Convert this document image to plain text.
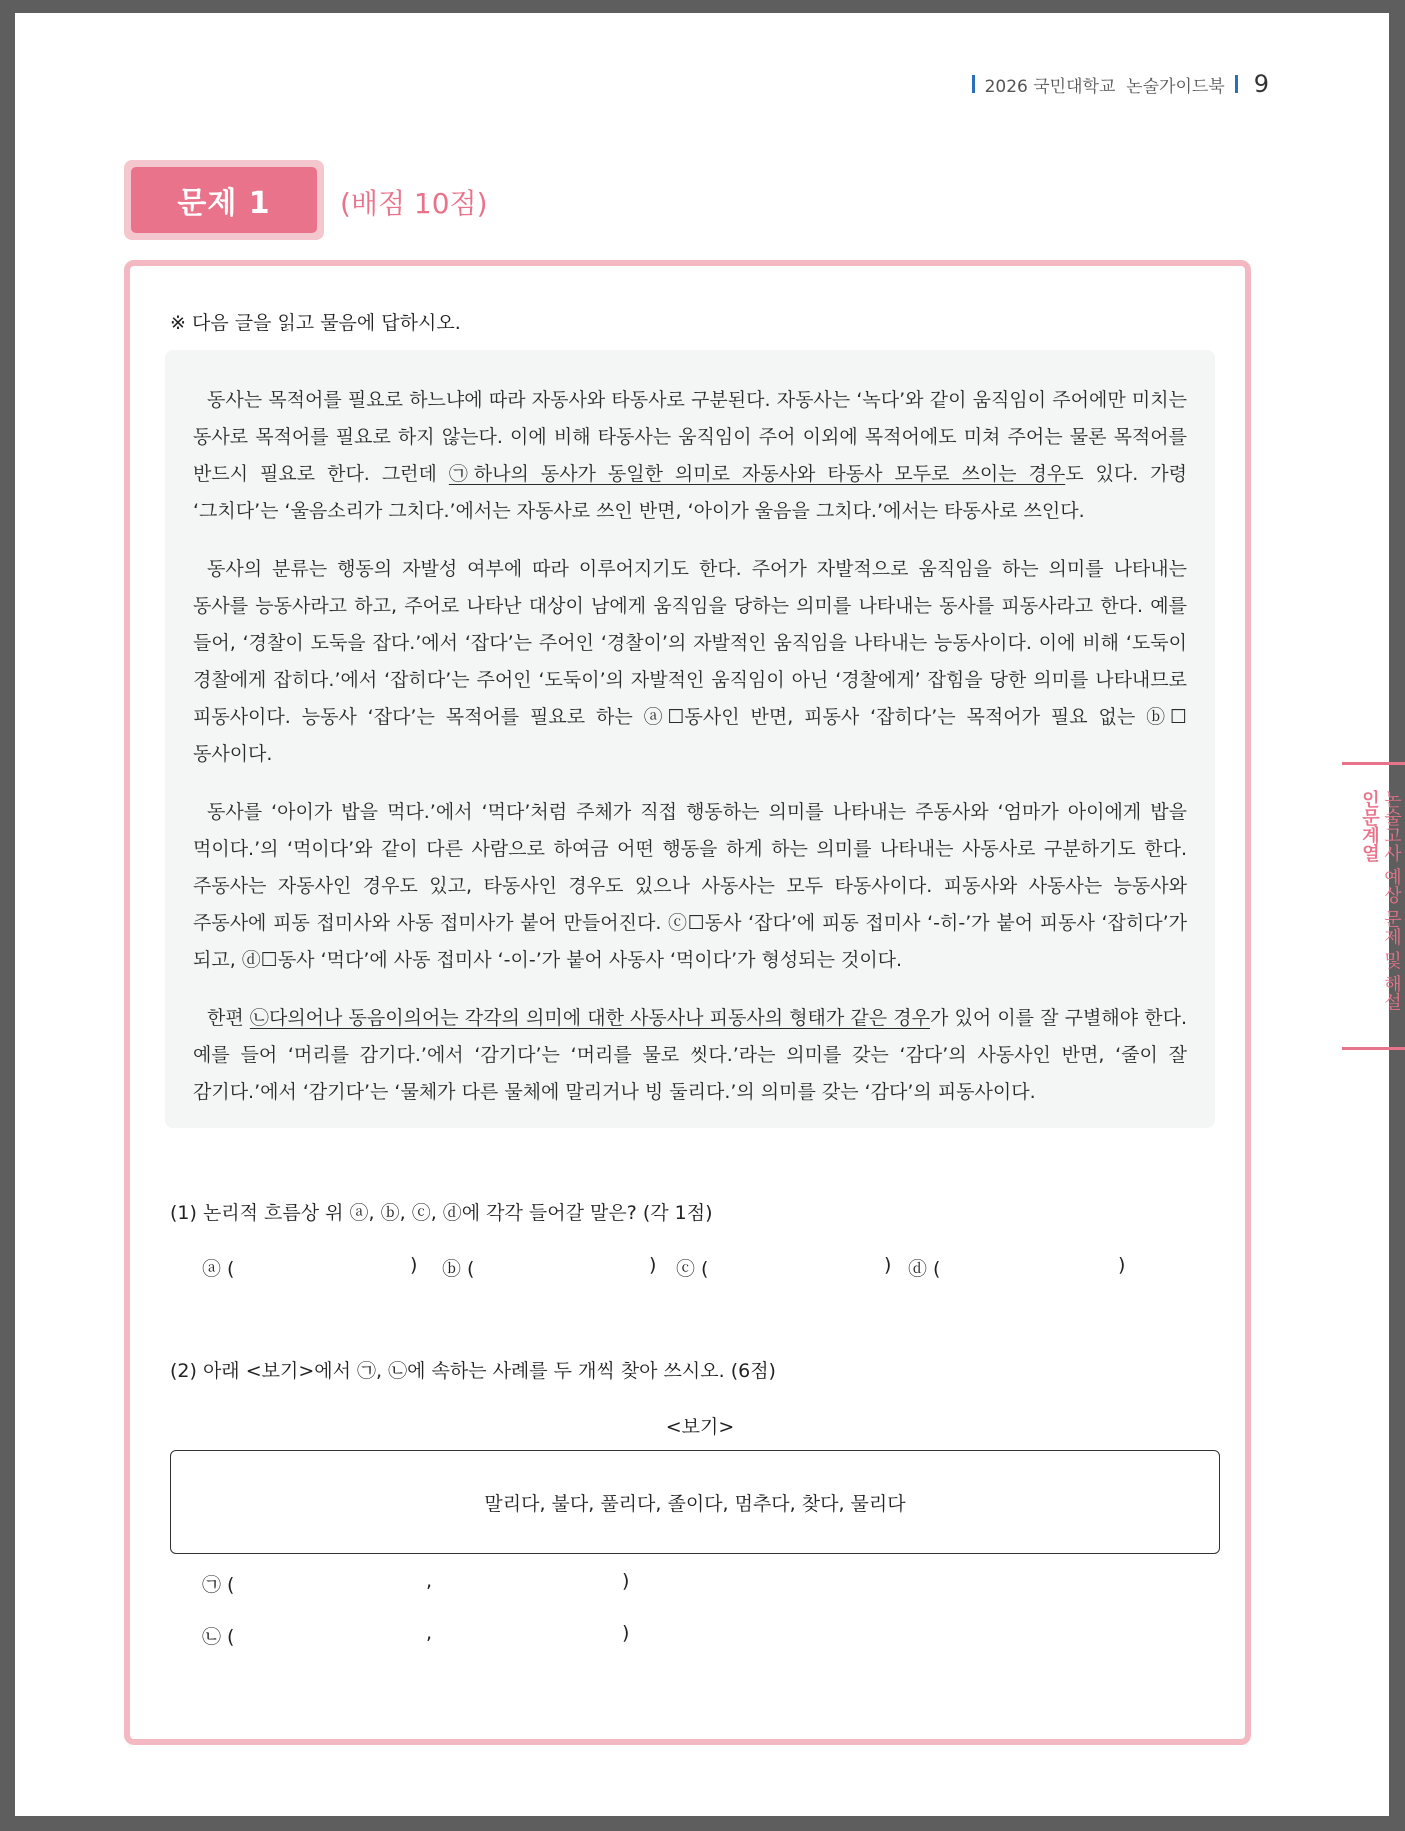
2026 국민대학교  논술가이드북 9
문제 1	(배점 10점)
※ 다음 글을 읽고 물음에 답하시오.

동사는 목적어를 필요로 하느냐에 따라 자동사와 타동사로 구분된다. 자동사는 ‘녹다’와 같이 움직임이 주어에만 미치는 동사로 목적어를 필요로 하지 않는다. 이에 비해 타동사는 움직임이 주어 이외에 목적어에도 미쳐 주어는 물론 목적어를 반드시 필요로 한다. 그런데 ㉠하나의 동사가 동일한 의미로 자동사와 타동사 모두로 쓰이는 경우도 있다. 가령 ‘그치다’는 ‘울음소리가 그치다.’에서는 자동사로 쓰인 반면, ‘아이가 울음을 그치다.’에서는 타동사로 쓰인다.

동사의 분류는 행동의 자발성 여부에 따라 이루어지기도 한다. 주어가 자발적으로 움직임을 하는 의미를 나타내는 동사를 능동사라고 하고, 주어로 나타난 대상이 남에게 움직임을 당하는 의미를 나타내는 동사를 피동사라고 한다. 예를 들어, ‘경찰이 도둑을 잡다.’에서 ‘잡다’는 주어인 ‘경찰이’의 자발적인 움직임을 나타내는 능동사이다. 이에 비해 ‘도둑이 경찰에게 잡히다.’에서 ‘잡히다’는 주어인 ‘도둑이’의 자발적인 움직임이 아닌 ‘경찰에게’ 잡힘을 당한 의미를 나타내므로 피동사이다. 능동사 ‘잡다’는 목적어를 필요로 하는 ⓐ☐동사인 반면, 피동사 ‘잡히다’는 목적어가 필요 없는 ⓑ☐동사이다.

동사를 ‘아이가 밥을 먹다.’에서 ‘먹다’처럼 주체가 직접 행동하는 의미를 나타내는 주동사와 ‘엄마가 아이에게 밥을 먹이다.’의 ‘먹이다’와 같이 다른 사람으로 하여금 어떤 행동을 하게 하는 의미를 나타내는 사동사로 구분하기도 한다. 주동사는 자동사인 경우도 있고, 타동사인 경우도 있으나 사동사는 모두 타동사이다. 피동사와 사동사는 능동사와 주동사에 피동 접미사와 사동 접미사가 붙어 만들어진다. ⓒ☐동사 ‘잡다’에 피동 접미사 ‘-히-’가 붙어 피동사 ‘잡히다’가 되고, ⓓ☐동사 ‘먹다’에 사동 접미사 ‘-이-’가 붙어 사동사 ‘먹이다’가 형성되는 것이다.

한편 ㉡다의어나 동음이의어는 각각의 의미에 대한 사동사나 피동사의 형태가 같은 경우가 있어 이를 잘 구별해야 한다. 예를 들어 ‘머리를 감기다.’에서 ‘감기다’는 ‘머리를 물로 씻다.’라는 의미를 갖는 ‘감다’의 사동사인 반면, ‘줄이 잘 감기다.’에서 ‘감기다’는 ‘물체가 다른 물체에 말리거나 빙 둘리다.’의 의미를 갖는 ‘감다’의 피동사이다.

(1) 논리적 흐름상 위 ⓐ, ⓑ, ⓒ, ⓓ에 각각 들어갈 말은? (각 1점)
ⓐ (	) ⓑ (	) ⓒ (	) ⓓ (	)
(2) 아래 <보기>에서 ㉠, ㉡에 속하는 사례를 두 개씩 찾아 쓰시오. (6점)
<보기>
말리다, 불다, 풀리다, 졸이다, 멈추다, 찾다, 물리다
㉠ (	,	)
㉡ (	,	)
논술고사 예상 문제 및 해설 인문계열
